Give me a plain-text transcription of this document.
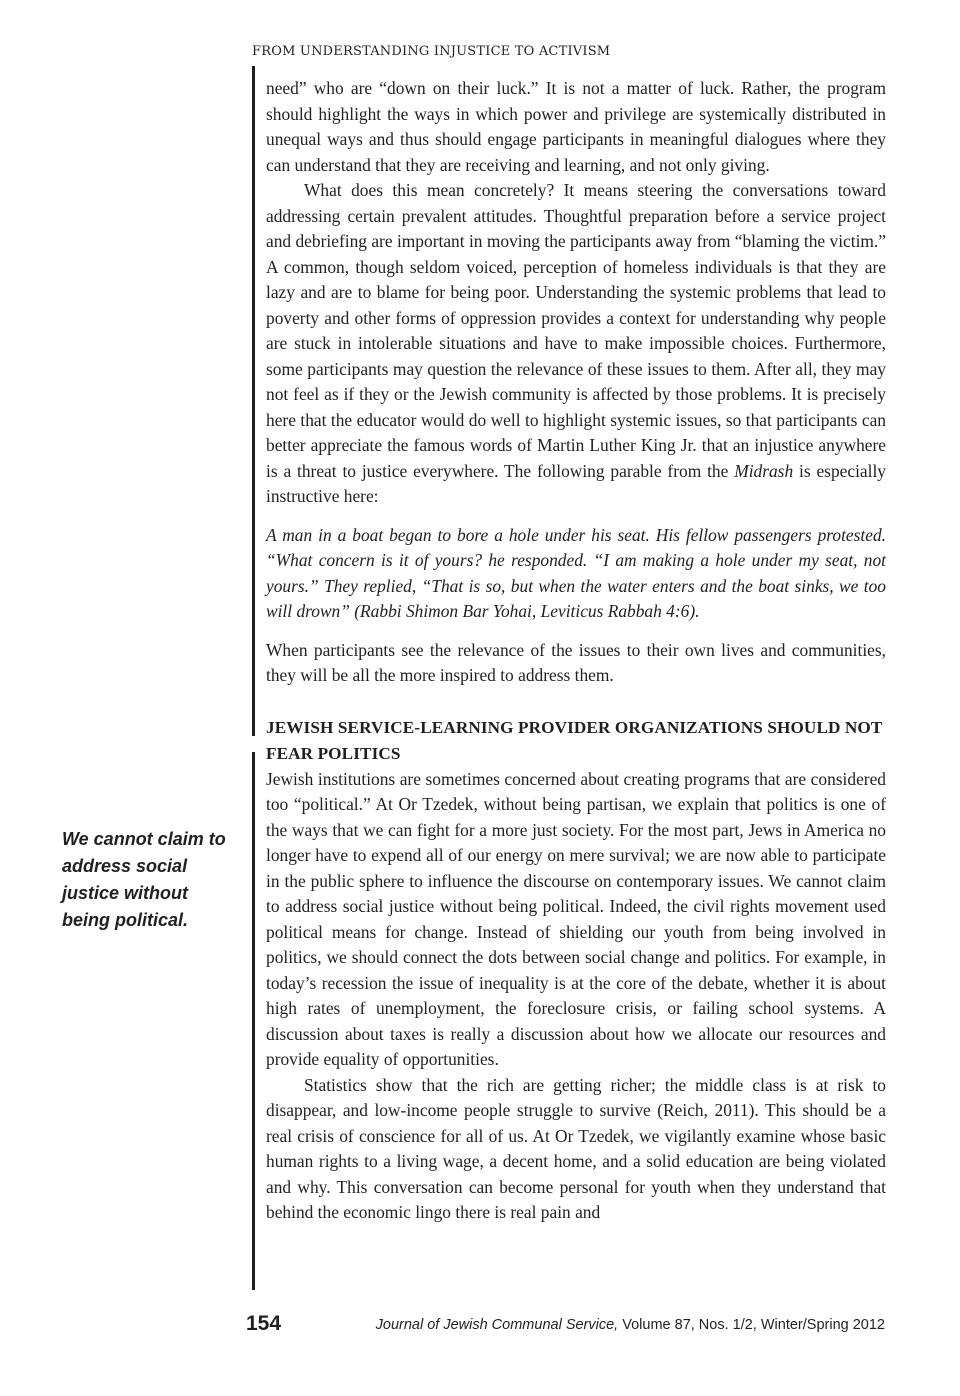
FROM UNDERSTANDING INJUSTICE TO ACTIVISM

need” who are “down on their luck.” It is not a matter of luck. Rather, the program should highlight the ways in which power and privilege are systemically distributed in unequal ways and thus should engage participants in meaningful dialogues where they can understand that they are receiving and learning, and not only giving.

What does this mean concretely? It means steering the conversations toward addressing certain prevalent attitudes. Thoughtful preparation before a service project and debriefing are important in moving the participants away from “blaming the victim.” A common, though seldom voiced, perception of homeless individuals is that they are lazy and are to blame for being poor. Understanding the systemic problems that lead to poverty and other forms of oppression provides a context for understanding why people are stuck in intolerable situations and have to make impossible choices. Furthermore, some participants may question the relevance of these issues to them. After all, they may not feel as if they or the Jewish community is affected by those problems. It is precisely here that the educator would do well to highlight systemic issues, so that participants can better appreciate the famous words of Martin Luther King Jr. that an injustice anywhere is a threat to justice everywhere. The following parable from the Midrash is especially instructive here:

A man in a boat began to bore a hole under his seat. His fellow passengers protested. “What concern is it of yours? he responded. “I am making a hole under my seat, not yours.” They replied, “That is so, but when the water enters and the boat sinks, we too will drown” (Rabbi Shimon Bar Yohai, Leviticus Rabbah 4:6).

When participants see the relevance of the issues to their own lives and communities, they will be all the more inspired to address them.

JEWISH SERVICE-LEARNING PROVIDER ORGANIZATIONS SHOULD NOT FEAR POLITICS

Jewish institutions are sometimes concerned about creating programs that are considered too “political.” At Or Tzedek, without being partisan, we explain that politics is one of the ways that we can fight for a more just society. For the most part, Jews in America no longer have to expend all of our energy on mere survival; we are now able to participate in the public sphere to influence the discourse on contemporary issues. We cannot claim to address social justice without being political. Indeed, the civil rights movement used political means for change. Instead of shielding our youth from being involved in politics, we should connect the dots between social change and politics. For example, in today’s recession the issue of inequality is at the core of the debate, whether it is about high rates of unemployment, the foreclosure crisis, or failing school systems. A discussion about taxes is really a discussion about how we allocate our resources and provide equality of opportunities.

Statistics show that the rich are getting richer; the middle class is at risk to disappear, and low-income people struggle to survive (Reich, 2011). This should be a real crisis of conscience for all of us. At Or Tzedek, we vigilantly examine whose basic human rights to a living wage, a decent home, and a solid education are being violated and why. This conversation can become personal for youth when they understand that behind the economic lingo there is real pain and

We cannot claim to address social justice without being political.
154	Journal of Jewish Communal Service, Volume 87, Nos. 1/2, Winter/Spring 2012
